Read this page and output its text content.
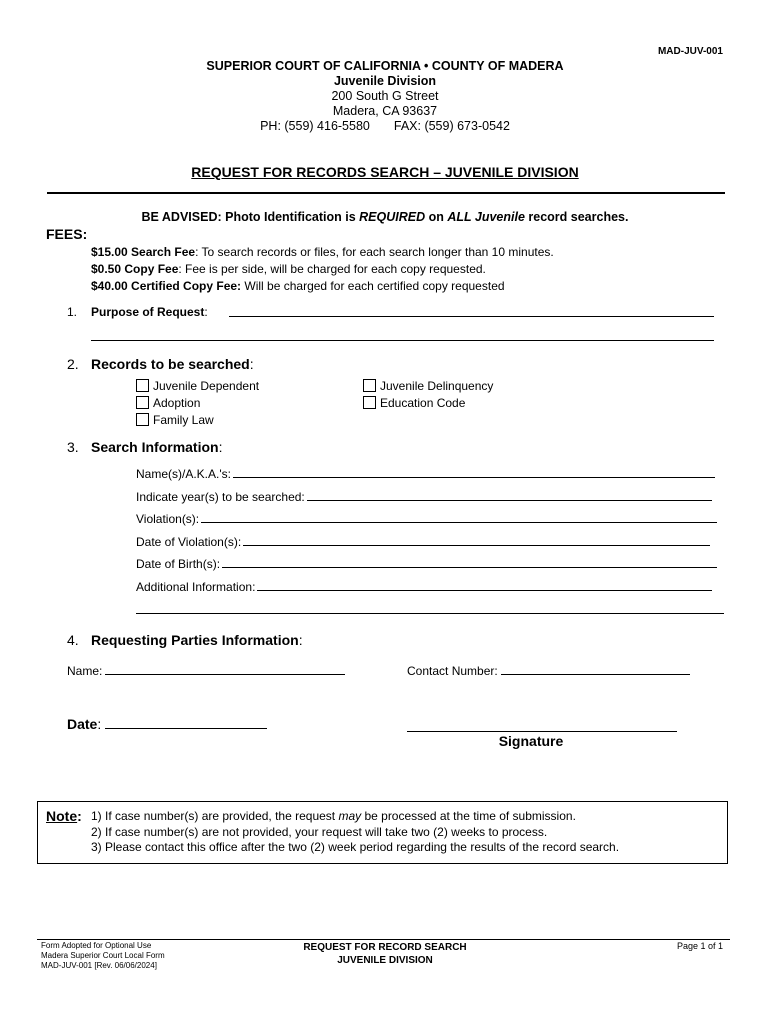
MAD-JUV-001
SUPERIOR COURT OF CALIFORNIA • COUNTY OF MADERA
Juvenile Division
200 South G Street
Madera, CA 93637
PH: (559) 416-5580 FAX: (559) 673-0542
REQUEST FOR RECORDS SEARCH – JUVENILE DIVISION
BE ADVISED: Photo Identification is REQUIRED on ALL Juvenile record searches.
FEES:
$15.00 Search Fee: To search records or files, for each search longer than 10 minutes.
$0.50 Copy Fee: Fee is per side, will be charged for each copy requested.
$40.00 Certified Copy Fee: Will be charged for each certified copy requested
1. Purpose of Request:
2. Records to be searched:
Juvenile Dependent
Adoption
Family Law
Juvenile Delinquency
Education Code
3. Search Information:
Name(s)/A.K.A.'s:
Indicate year(s) to be searched:
Violation(s):
Date of Violation(s):
Date of Birth(s):
Additional Information:
4. Requesting Parties Information:
Name:	Contact Number:
Date:
Signature
Note: 1) If case number(s) are provided, the request may be processed at the time of submission.
2) If case number(s) are not provided, your request will take two (2) weeks to process.
3) Please contact this office after the two (2) week period regarding the results of the record search.
Form Adopted for Optional Use
Madera Superior Court Local Form
MAD-JUV-001 [Rev. 06/06/2024]
REQUEST FOR RECORD SEARCH
JUVENILE DIVISION
Page 1 of 1
